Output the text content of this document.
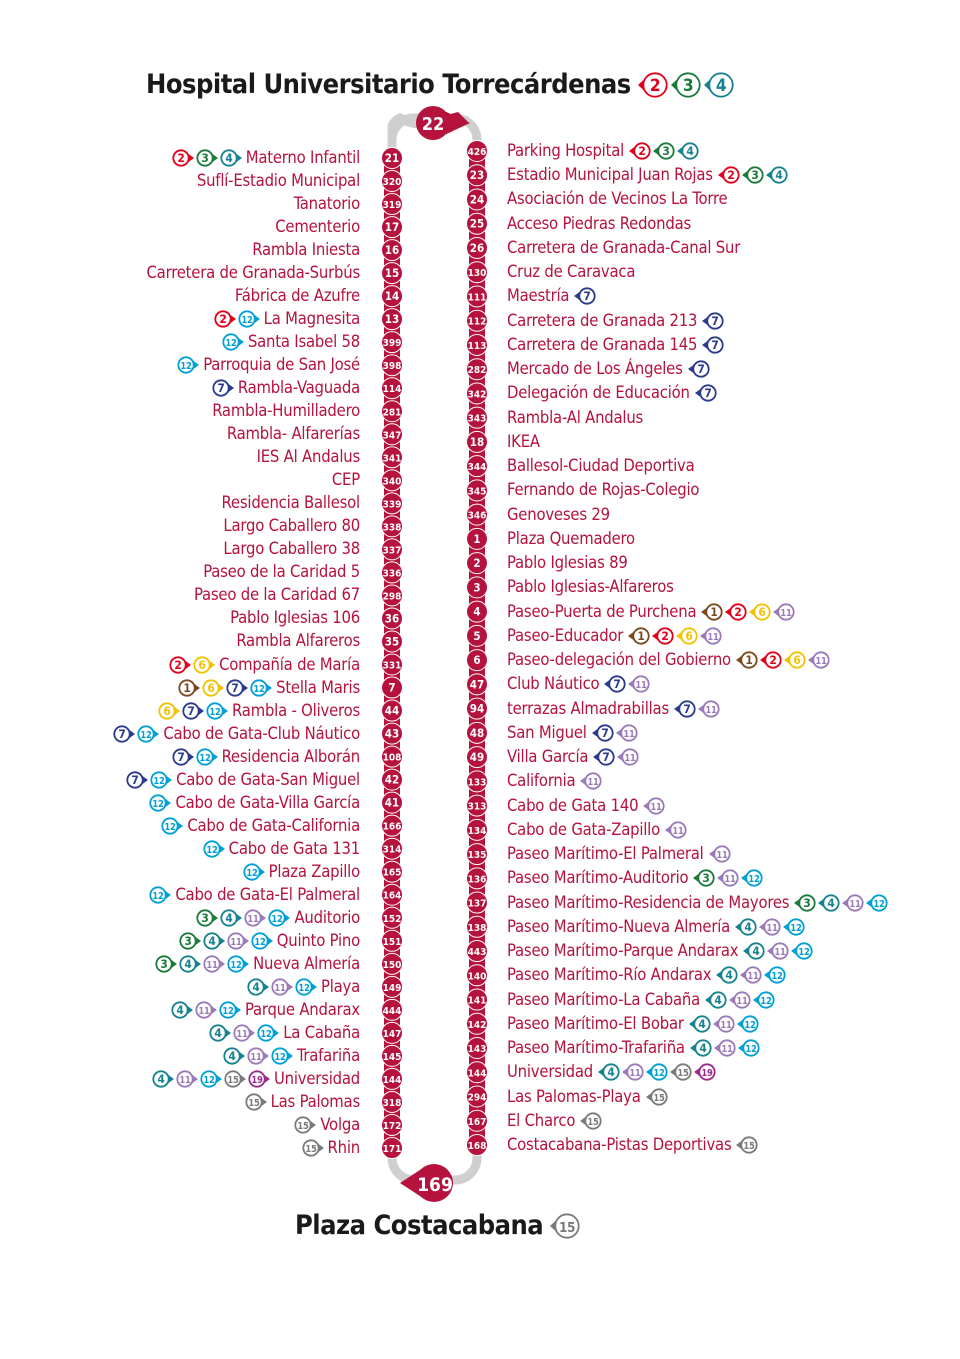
21
320
319
17
16
15
14
13
399
398
114
281
347
341
340
339
338
337
336
298
36
35
331
7
44
43
108
42
41
166
314
165
164
152
151
150
149
444
147
145
144
318
172
171
426
23
24
25
26
130
111
112
113
282
342
343
18
344
345
346
1
2
3
4
5
6
47
94
48
49
133
313
134
135
136
137
138
443
140
141
142
143
144
294
167
168
22
169
Hospital Universitario Torrecárdenas 2 3 4
Plaza Costacabana 15
2 3 4 Materno Infantil
Suflí-Estadio Municipal
Tanatorio
Cementerio
Rambla Iniesta
Carretera de Granada-Surbús
Fábrica de Azufre
2 12 La Magnesita
12 Santa Isabel 58
12 Parroquia de San José
7 Rambla-Vaguada
Rambla-Humilladero
Rambla- Alfarerías
IES Al Andalus
CEP
Residencia Ballesol
Largo Caballero 80
Largo Caballero 38
Paseo de la Caridad 5
Paseo de la Caridad 67
Pablo Iglesias 106
Rambla Alfareros
2 6 Compañía de María
1 6 7 12 Stella Maris
6 7 12 Rambla - Oliveros
7 12 Cabo de Gata-Club Náutico
7 12 Residencia Alborán
7 12 Cabo de Gata-San Miguel
12 Cabo de Gata-Villa García
12 Cabo de Gata-California
12 Cabo de Gata 131
12 Plaza Zapillo
12 Cabo de Gata-El Palmeral
3 4 11 12 Auditorio
3 4 11 12 Quinto Pino
3 4 11 12 Nueva Almería
4 11 12 Playa
4 11 12 Parque Andarax
4 11 12 La Cabaña
4 11 12 Trafariña
4 11 12 15 19 Universidad
15 Las Palomas
15 Volga
15 Rhin
Parking Hospital 2 3 4
Estadio Municipal Juan Rojas 2 3 4
Asociación de Vecinos La Torre
Acceso Piedras Redondas
Carretera de Granada-Canal Sur
Cruz de Caravaca
Maestría 7
Carretera de Granada 213 7
Carretera de Granada 145 7
Mercado de Los Ángeles 7
Delegación de Educación 7
Rambla-Al Andalus
IKEA
Ballesol-Ciudad Deportiva
Fernando de Rojas-Colegio
Genoveses 29
Plaza Quemadero
Pablo Iglesias 89
Pablo Iglesias-Alfareros
Paseo-Puerta de Purchena 1 2 6 11
Paseo-Educador 1 2 6 11
Paseo-delegación del Gobierno 1 2 6 11
Club Náutico 7 11
terrazas Almadrabillas 7 11
San Miguel 7 11
Villa García 7 11
California 11
Cabo de Gata 140 11
Cabo de Gata-Zapillo 11
Paseo Marítimo-El Palmeral 11
Paseo Marítimo-Auditorio 3 11 12
Paseo Marítimo-Residencia de Mayores 3 4 11 12
Paseo Marítimo-Nueva Almería 4 11 12
Paseo Marítimo-Parque Andarax 4 11 12
Paseo Marítimo-Río Andarax 4 11 12
Paseo Marítimo-La Cabaña 4 11 12
Paseo Marítimo-El Bobar 4 11 12
Paseo Marítimo-Trafariña 4 11 12
Universidad 4 11 12 15 19
Las Palomas-Playa 15
El Charco 15
Costacabana-Pistas Deportivas 15
